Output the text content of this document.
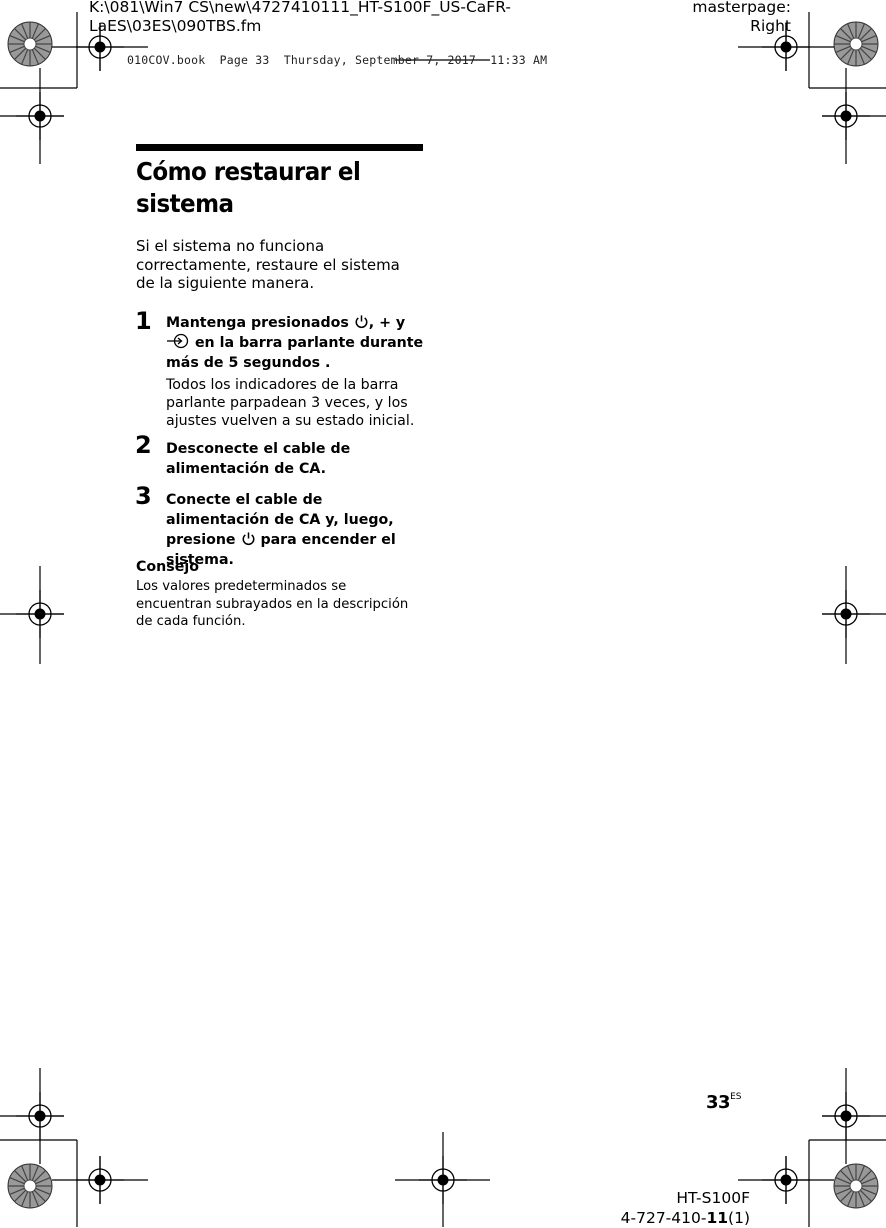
K:\081\Win7 CS\new\4727410111_HT-S100F_US-CaFR-
LaES\03ES\090TBS.fm
masterpage:
Right
010COV.book  Page 33  Thursday, September 7, 2017  11:33 AM
Cómo restaurar el sistema
Si el sistema no funciona correctamente, restaure el sistema de la siguiente manera.
1 Mantenga presionados , + y  en la barra parlante durante más de 5 segundos .
Todos los indicadores de la barra parlante parpadean 3 veces, y los ajustes vuelven a su estado inicial.
2 Desconecte el cable de alimentación de CA.
3 Conecte el cable de alimentación de CA y, luego, presione  para encender el sistema.
Consejo
Los valores predeterminados se encuentran subrayados en la descripción de cada función.
$33^{ES}$
HT-S100F
4-727-410-11(1)
